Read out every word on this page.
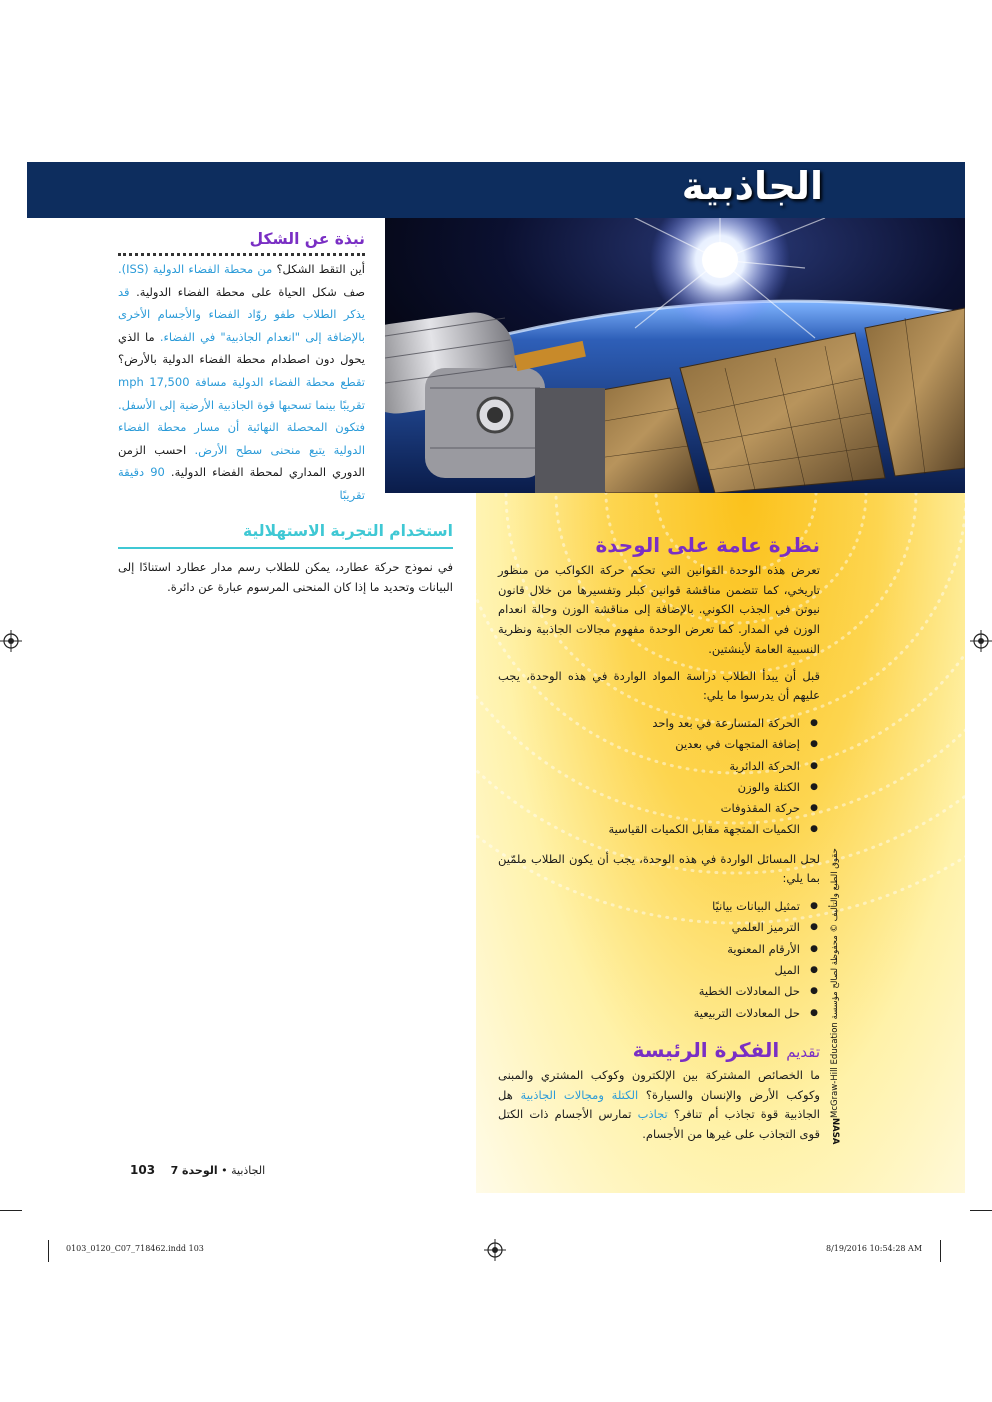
الجاذبية
نبذة عن الشكل
أين التقط الشكل؟ من محطة الفضاء الدولية (ISS). صف شكل الحياة على محطة الفضاء الدولية. قد يذكر الطلاب طفو روّاد الفضاء والأجسام الأخرى بالإضافة إلى "انعدام الجاذبية" في الفضاء. ما الذي يحول دون اصطدام محطة الفضاء الدولية بالأرض؟ تقطع محطة الفضاء الدولية مسافة 17,500 mph تقريبًا بينما تسحبها قوة الجاذبية الأرضية إلى الأسفل. فتكون المحصلة النهائية أن مسار محطة الفضاء الدولية يتبع منحنى سطح الأرض. احسب الزمن الدوري المداري لمحطة الفضاء الدولية. 90 دقيقة تقريبًا
استخدام التجربة الاستهلالية
في نموذج حركة عطارد، يمكن للطلاب رسم مدار عطارد استنادًا إلى البيانات وتحديد ما إذا كان المنحنى المرسوم عبارة عن دائرة.
نظرة عامة على الوحدة
تعرض هذه الوحدة القوانين التي تحكم حركة الكواكب من منظور تاريخي، كما تتضمن مناقشة قوانين كبلر وتفسيرها من خلال قانون نيوتن في الجذب الكوني. بالإضافة إلى مناقشة الوزن وحالة انعدام الوزن في المدار. كما تعرض الوحدة مفهوم مجالات الجاذبية ونظرية النسبية العامة لأينشتين.
قبل أن يبدأ الطلاب دراسة المواد الواردة في هذه الوحدة، يجب عليهم أن يدرسوا ما يلي:
● الحركة المتسارعة في بعد واحد
● إضافة المتجهات في بعدين
● الحركة الدائرية
● الكتلة والوزن
● حركة المقذوفات
● الكميات المتجهة مقابل الكميات القياسية
لحل المسائل الواردة في هذه الوحدة، يجب أن يكون الطلاب ملمّين بما يلي:
● تمثيل البيانات بيانيًا
● الترميز العلمي
● الأرقام المعنوية
● الميل
● حل المعادلات الخطية
● حل المعادلات التربيعية
تقديم الفكرة الرئيسة
ما الخصائص المشتركة بين الإلكترون وكوكب المشتري والمبنى وكوكب الأرض والإنسان والسيارة؟ الكتلة ومجالات الجاذبية هل الجاذبية قوة تجاذب أم تنافر؟ تجاذب تمارس الأجسام ذات الكتل قوى التجاذب على غيرها من الأجسام.
حقوق الطبع والتأليف © محفوظة لصالح مؤسسة McGraw-Hill Education
NASA
103	الجاذبية • الوحدة 7
0103_0120_C07_718462.indd 103	8/19/2016 10:54:28 AM
